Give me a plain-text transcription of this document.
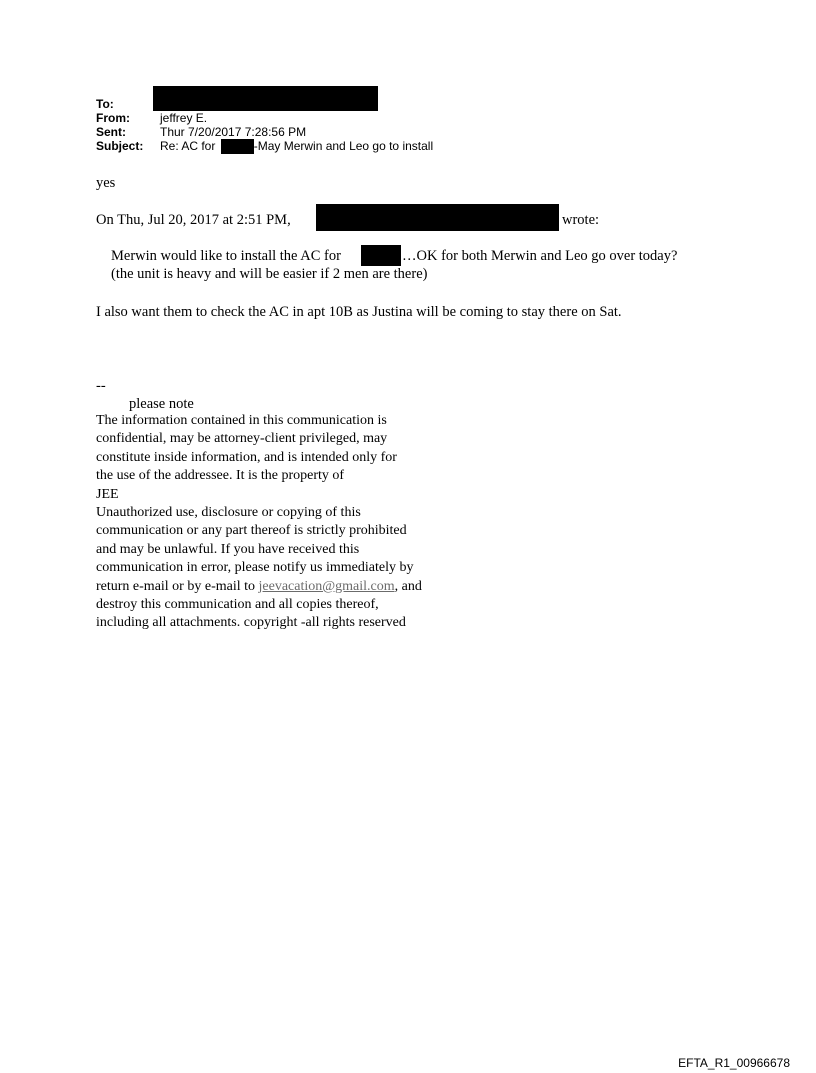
To:
From:	jeffrey E.
Sent:	Thur 7/20/2017 7:28:56 PM
Subject: Re: AC for	-May Merwin and Leo go to install
yes
On Thu, Jul 20, 2017 at 2:51 PM,	wrote:
Merwin would like to install the AC for	…OK for both Merwin and Leo go over today?
(the unit is heavy and will be easier if 2 men are there)
I also want them to check the AC in apt 10B as Justina will be coming to stay there on Sat.
--
please note
The information contained in this communication is
confidential, may be attorney-client privileged, may
constitute inside information, and is intended only for
the use of the addressee. It is the property of
JEE
Unauthorized use, disclosure or copying of this
communication or any part thereof is strictly prohibited
and may be unlawful. If you have received this
communication in error, please notify us immediately by
return e-mail or by e-mail to jeevacation@gmail.com, and
destroy this communication and all copies thereof,
including all attachments. copyright -all rights reserved
EFTA_R1_00966678
